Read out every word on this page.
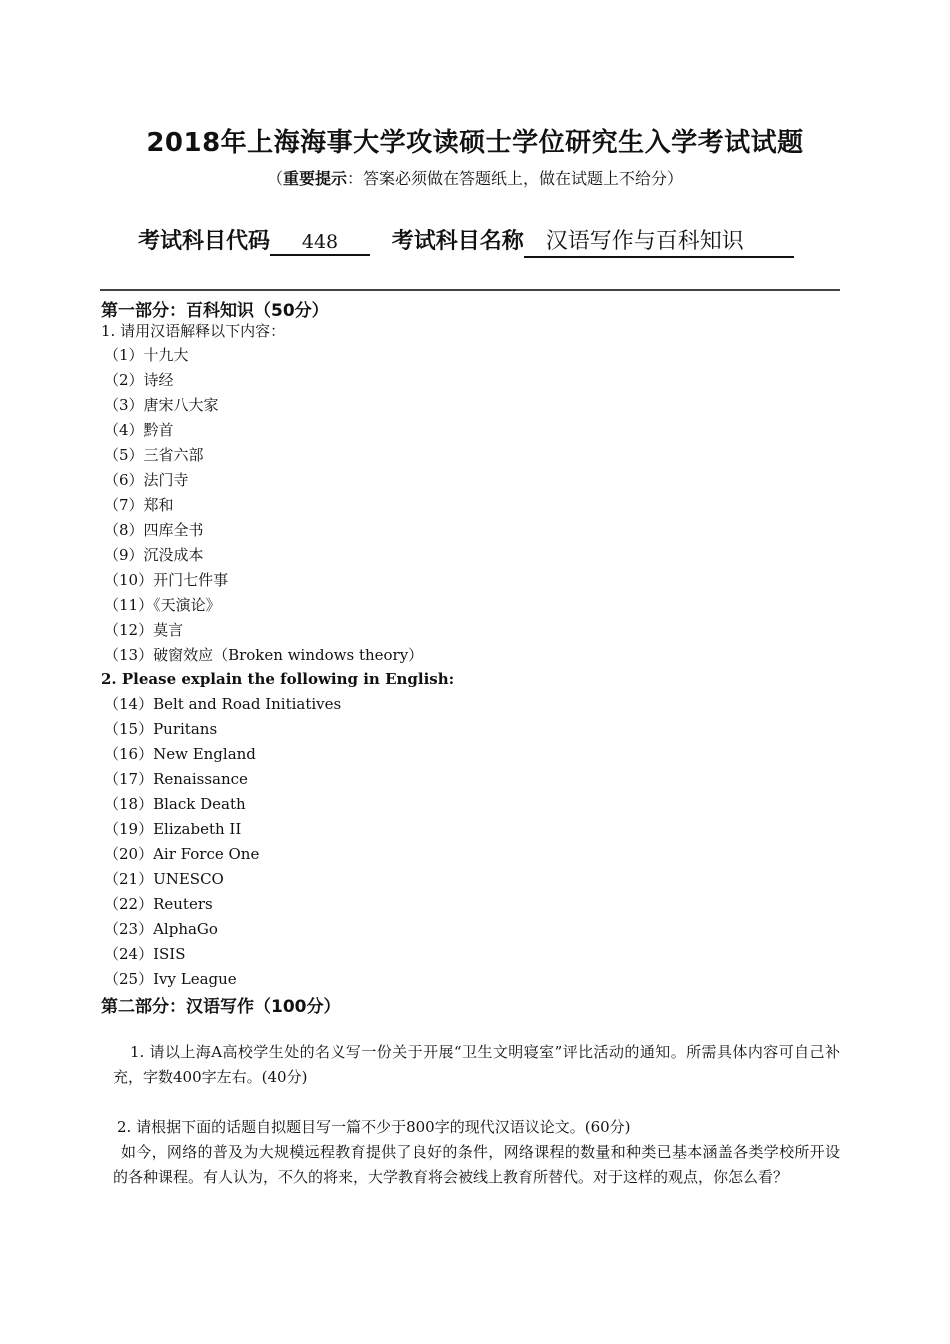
2018年上海海事大学攻读硕士学位研究生入学考试试题
（重要提示：答案必须做在答题纸上，做在试题上不给分）
考试科目代码 448 考试科目名称 汉语写作与百科知识
第一部分：百科知识（50分）
1. 请用汉语解释以下内容：
（1）十九大
（2）诗经
（3）唐宋八大家
（4）黔首
（5）三省六部
（6）法门寺
（7）郑和
（8）四库全书
（9）沉没成本
（10）开门七件事
（11）《天演论》
（12）莫言
（13）破窗效应（Broken windows theory）
2. Please explain the following in English:
（14）Belt and Road Initiatives
（15）Puritans
（16）New England
（17）Renaissance
（18）Black Death
（19）Elizabeth II
（20）Air Force One
（21）UNESCO
（22）Reuters
（23）AlphaGo
（24）ISIS
（25）Ivy League
第二部分：汉语写作（100分）

1. 请以上海A高校学生处的名义写一份关于开展“卫生文明寝室”评比活动的通知。所需具体内容可自己补充，字数400字左右。(40分)

2. 请根据下面的话题自拟题目写一篇不少于800字的现代汉语议论文。(60分)

如今，网络的普及为大规模远程教育提供了良好的条件，网络课程的数量和种类已基本涵盖各类学校所开设的各种课程。有人认为，不久的将来，大学教育将会被线上教育所替代。对于这样的观点，你怎么看？
